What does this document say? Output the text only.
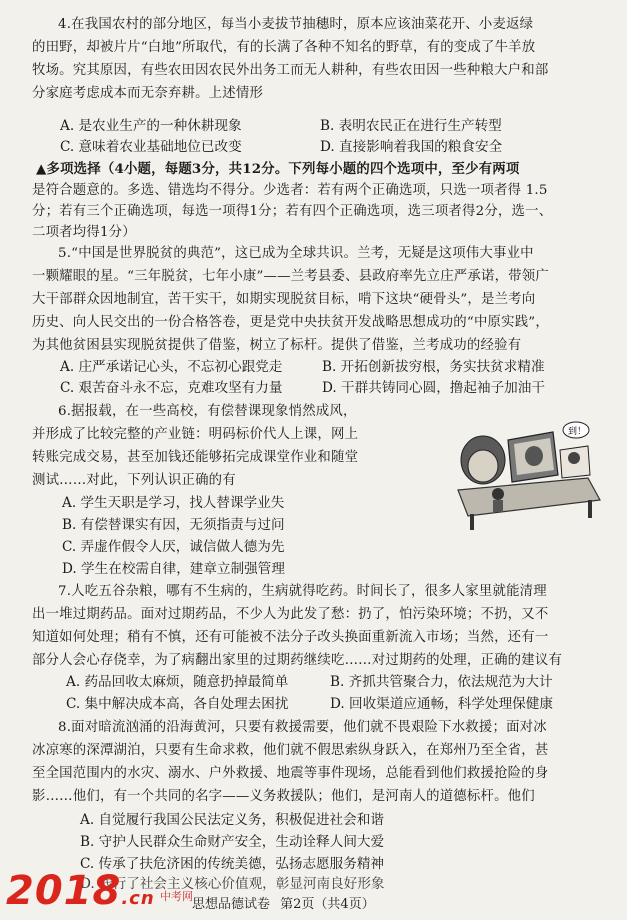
4.在我国农村的部分地区，每当小麦拔节抽穗时，原本应该油菜花开、小麦返绿
的田野，却被片片“白地”所取代，有的长满了各种不知名的野草，有的变成了牛羊放
牧场。究其原因，有些农田因农民外出务工而无人耕种，有些农田因一些种粮大户和部
分家庭考虑成本而无奈弃耕。上述情形
A. 是农业生产的一种休耕现象	B. 表明农民正在进行生产转型
C. 意味着农业基础地位已改变	D. 直接影响着我国的粮食安全
▲多项选择（4小题，每题3分，共12分。下列每小题的四个选项中，至少有两项
是符合题意的。多选、错选均不得分。少选者：若有两个正确选项，只选一项者得 1.5
分；若有三个正确选项，每选一项得1分；若有四个正确选项，选三项者得2分，选一、
二项者均得1分）
5.“中国是世界脱贫的典范”，这已成为全球共识。兰考，无疑是这项伟大事业中
一颗耀眼的星。“三年脱贫，七年小康”——兰考县委、县政府率先立庄严承诺，带领广
大干部群众因地制宜，苦干实干，如期实现脱贫目标，啃下这块“硬骨头”，是兰考向
历史、向人民交出的一份合格答卷，更是党中央扶贫开发战略思想成功的“中原实践”，
为其他贫困县实现脱贫提供了借鉴，树立了标杆。提供了借鉴，兰考成功的经验有
A. 庄严承诺记心头，不忘初心跟党走	B. 开拓创新拔穷根，务实扶贫求精准
C. 艰苦奋斗永不忘，克难攻坚有力量	D. 干群共铸同心圆，撸起袖子加油干
6.据报载，在一些高校，有偿替课现象悄然成风，
并形成了比较完整的产业链：明码标价代人上课，网上
转账完成交易，甚至加钱还能够拓完成课堂作业和随堂
测试……对此，下列认识正确的有
A. 学生天职是学习，找人替课学业失
B. 有偿替课实有因，无须指责与过问
C. 弄虚作假令人厌，诚信做人德为先
D. 学生在校需自律，建章立制强管理
到！
7.人吃五谷杂粮，哪有不生病的，生病就得吃药。时间长了，很多人家里就能清理
出一堆过期药品。面对过期药品，不少人为此发了愁：扔了，怕污染环境；不扔，又不
知道如何处理；稍有不慎，还有可能被不法分子改头换面重新流入市场；当然，还有一
部分人会心存侥幸，为了病翻出家里的过期药继续吃……对过期药的处理，正确的建议有
A. 药品回收太麻烦，随意扔掉最简单	B. 齐抓共管聚合力，依法规范为大计
C. 集中解决成本高，各自处理去困扰	D. 回收渠道应通畅，科学处理保健康
8.面对暗流汹涌的沿海黄河，只要有救援需要，他们就不畏艰险下水救援；面对冰
冰凉寒的深潭湖泊，只要有生命求救，他们就不假思索纵身跃入，在郑州乃至全省，甚
至全国范围内的水灾、溺水、户外救援、地震等事件现场，总能看到他们救援抢险的身
影……他们，有一个共同的名字——义务救援队；他们，是河南人的道德标杆。他们
A. 自觉履行我国公民法定义务，积极促进社会和谐
B. 守护人民群众生命财产安全，生动诠释人间大爱
C. 传承了扶危济困的传统美德，弘扬志愿服务精神
D. 践行了社会主义核心价值观，彰显河南良好形象
思想品德试卷 第2页（共4页）
2018.cn 中考网
